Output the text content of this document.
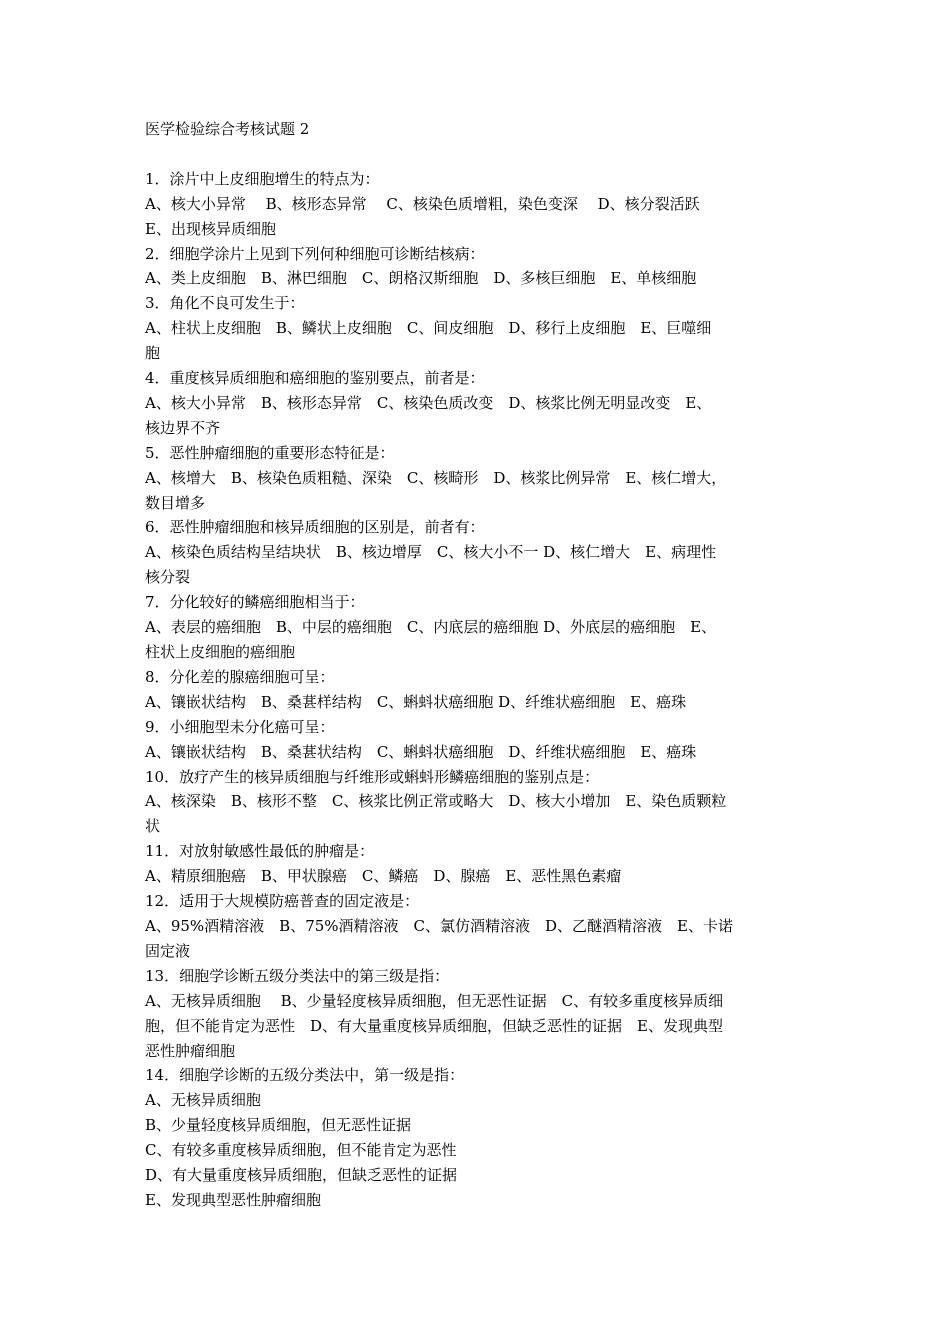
医学检验综合考核试题 2
1．涂片中上皮细胞增生的特点为：
A、核大小异常　 B、核形态异常　 C、核染色质增粗，染色变深　 D、核分裂活跃
E、出现核异质细胞
2．细胞学涂片上见到下列何种细胞可诊断结核病：
A、类上皮细胞　B、淋巴细胞　C、朗格汉斯细胞　D、多核巨细胞　E、单核细胞
3．角化不良可发生于：
A、柱状上皮细胞　B、鳞状上皮细胞　C、间皮细胞　D、移行上皮细胞　E、巨噬细
胞
4．重度核异质细胞和癌细胞的鉴别要点，前者是：
A、核大小异常　B、核形态异常　C、核染色质改变　D、核浆比例无明显改变　E、
核边界不齐
5．恶性肿瘤细胞的重要形态特征是：
A、核增大　B、核染色质粗糙、深染　C、核畸形　D、核浆比例异常　E、核仁增大，
数目增多
6．恶性肿瘤细胞和核异质细胞的区别是，前者有：
A、核染色质结构呈结块状　B、核边增厚　C、核大小不一 D、核仁增大　E、病理性
核分裂
7．分化较好的鳞癌细胞相当于：
A、表层的癌细胞　B、中层的癌细胞　C、内底层的癌细胞 D、外底层的癌细胞　E、
柱状上皮细胞的癌细胞
8．分化差的腺癌细胞可呈：
A、镶嵌状结构　B、桑葚样结构　C、蝌蚪状癌细胞 D、纤维状癌细胞　E、癌珠
9．小细胞型未分化癌可呈：
A、镶嵌状结构　B、桑葚状结构　C、蝌蚪状癌细胞　D、纤维状癌细胞　E、癌珠
10．放疗产生的核异质细胞与纤维形或蝌蚪形鳞癌细胞的鉴别点是：
A、核深染　B、核形不整　C、核浆比例正常或略大　D、核大小增加　E、染色质颗粒
状
11．对放射敏感性最低的肿瘤是：
A、精原细胞癌　B、甲状腺癌　C、鳞癌　D、腺癌　E、恶性黑色素瘤
12．适用于大规模防癌普查的固定液是：
A、95%酒精溶液　B、75%酒精溶液　C、氯仿酒精溶液　D、乙醚酒精溶液　E、卡诺
固定液
13．细胞学诊断五级分类法中的第三级是指：
A、无核异质细胞　 B、少量轻度核异质细胞，但无恶性证据　C、有较多重度核异质细
胞，但不能肯定为恶性　D、有大量重度核异质细胞，但缺乏恶性的证据　E、发现典型
恶性肿瘤细胞
14．细胞学诊断的五级分类法中，第一级是指：
A、无核异质细胞
B、少量轻度核异质细胞，但无恶性证据
C、有较多重度核异质细胞，但不能肯定为恶性
D、有大量重度核异质细胞，但缺乏恶性的证据
E、发现典型恶性肿瘤细胞
